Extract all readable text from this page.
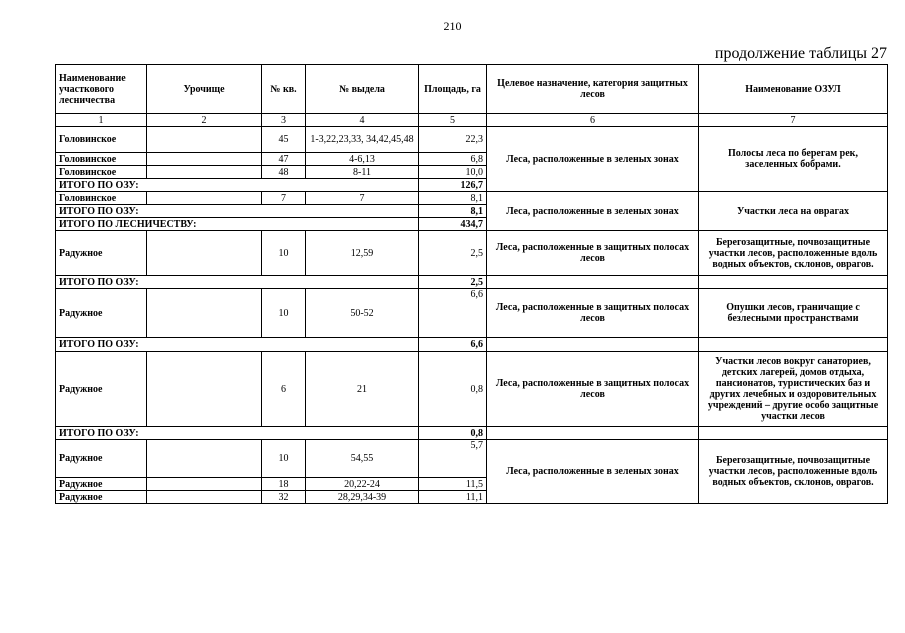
210
продолжение таблицы 27
Наименование участкового лесничества	Урочище	№ кв.	№ выдела	Площадь, га	Целевое назначение, категория защитных лесов	Наименование ОЗУЛ
1	2	3	4	5	6	7
Головинское		45	1-3,22,23,33, 34,42,45,48	22,3	Леса, расположенные в зеленых зонах	Полосы леса по берегам рек, заселенных бобрами.
Головинское		47	4-6,13	6,8		
Головинское		48	8-11	10,0		
ИТОГО ПО ОЗУ:				126,7		
Головинское		7	7	8,1	Леса, расположенные в зеленых зонах	Участки леса на оврагах
ИТОГО ПО ОЗУ:				8,1		
ИТОГО ПО ЛЕСНИЧЕСТВУ:				434,7		
Радужное		10	12,59	2,5	Леса, расположенные в защитных полосах лесов	Берегозащитные, почвозащитные участки лесов, расположенные вдоль водных объектов, склонов, оврагов.
ИТОГО ПО ОЗУ:				2,5		
Радужное		10	50-52	6,6	Леса, расположенные в защитных полосах лесов	Опушки лесов, граничащие с безлесными пространствами
ИТОГО ПО ОЗУ:				6,6		
Радужное		6	21	0,8	Леса, расположенные в защитных полосах лесов	Участки лесов вокруг санаториев, детских лагерей, домов отдыха, пансионатов, туристических баз и других лечебных и оздоровительных учреждений – другие особо защитные участки лесов
ИТОГО ПО ОЗУ:				0,8		
Радужное		10	54,55	5,7	Леса, расположенные в зеленых зонах	Берегозащитные, почвозащитные участки лесов, расположенные вдоль водных объектов, склонов, оврагов.
Радужное		18	20,22-24	11,5		
Радужное		32	28,29,34-39	11,1		
